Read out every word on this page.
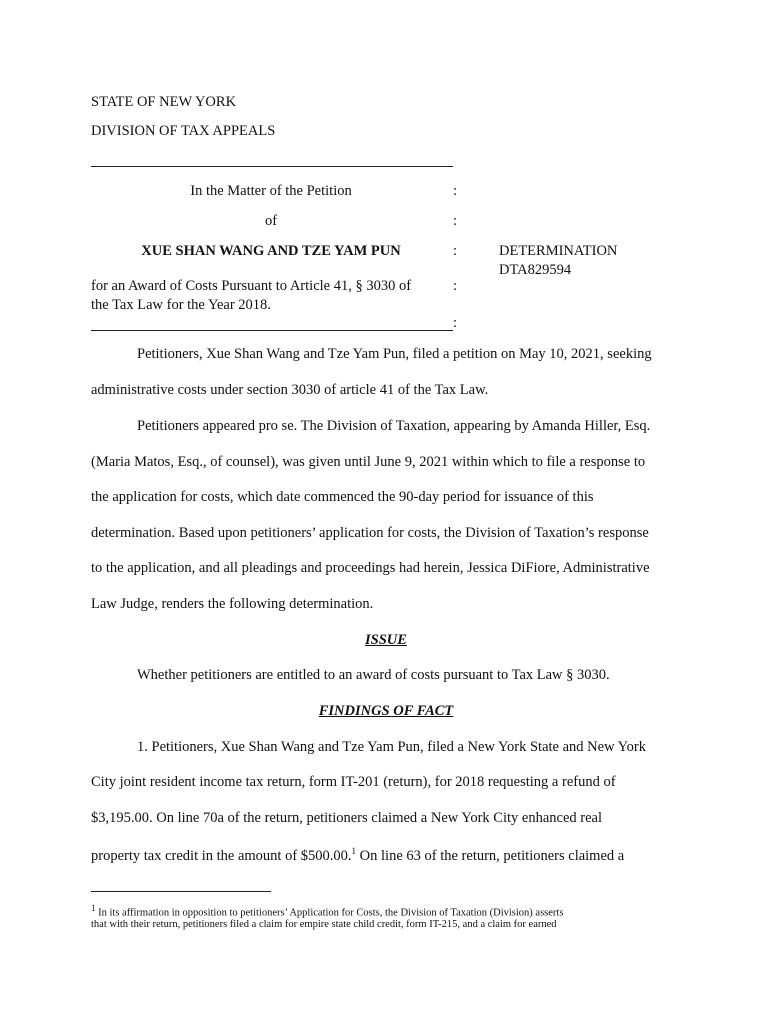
STATE OF NEW YORK
DIVISION OF TAX APPEALS
In the Matter of the Petition	:
of	:
XUE SHAN WANG AND TZE YAM PUN	:	DETERMINATION
DTA829594
for an Award of Costs Pursuant to Article 41, § 3030 of	:
the Tax Law for the Year 2018.
:
Petitioners, Xue Shan Wang and Tze Yam Pun, filed a petition on May 10, 2021, seeking
administrative costs under section 3030 of article 41 of the Tax Law.
Petitioners appeared pro se. The Division of Taxation, appearing by Amanda Hiller, Esq.
(Maria Matos, Esq., of counsel), was given until June 9, 2021 within which to file a response to
the application for costs, which date commenced the 90-day period for issuance of this
determination. Based upon petitioners’ application for costs, the Division of Taxation’s response
to the application, and all pleadings and proceedings had herein, Jessica DiFiore, Administrative
Law Judge, renders the following determination.
ISSUE
Whether petitioners are entitled to an award of costs pursuant to Tax Law § 3030.
FINDINGS OF FACT
1. Petitioners, Xue Shan Wang and Tze Yam Pun, filed a New York State and New York
City joint resident income tax return, form IT-201 (return), for 2018 requesting a refund of
$3,195.00. On line 70a of the return, petitioners claimed a New York City enhanced real
property tax credit in the amount of $500.00.$^1$ On line 63 of the return, petitioners claimed a
$^1$ In its affirmation in opposition to petitioners’ Application for Costs, the Division of Taxation (Division) asserts
that with their return, petitioners filed a claim for empire state child credit, form IT-215, and a claim for earned
